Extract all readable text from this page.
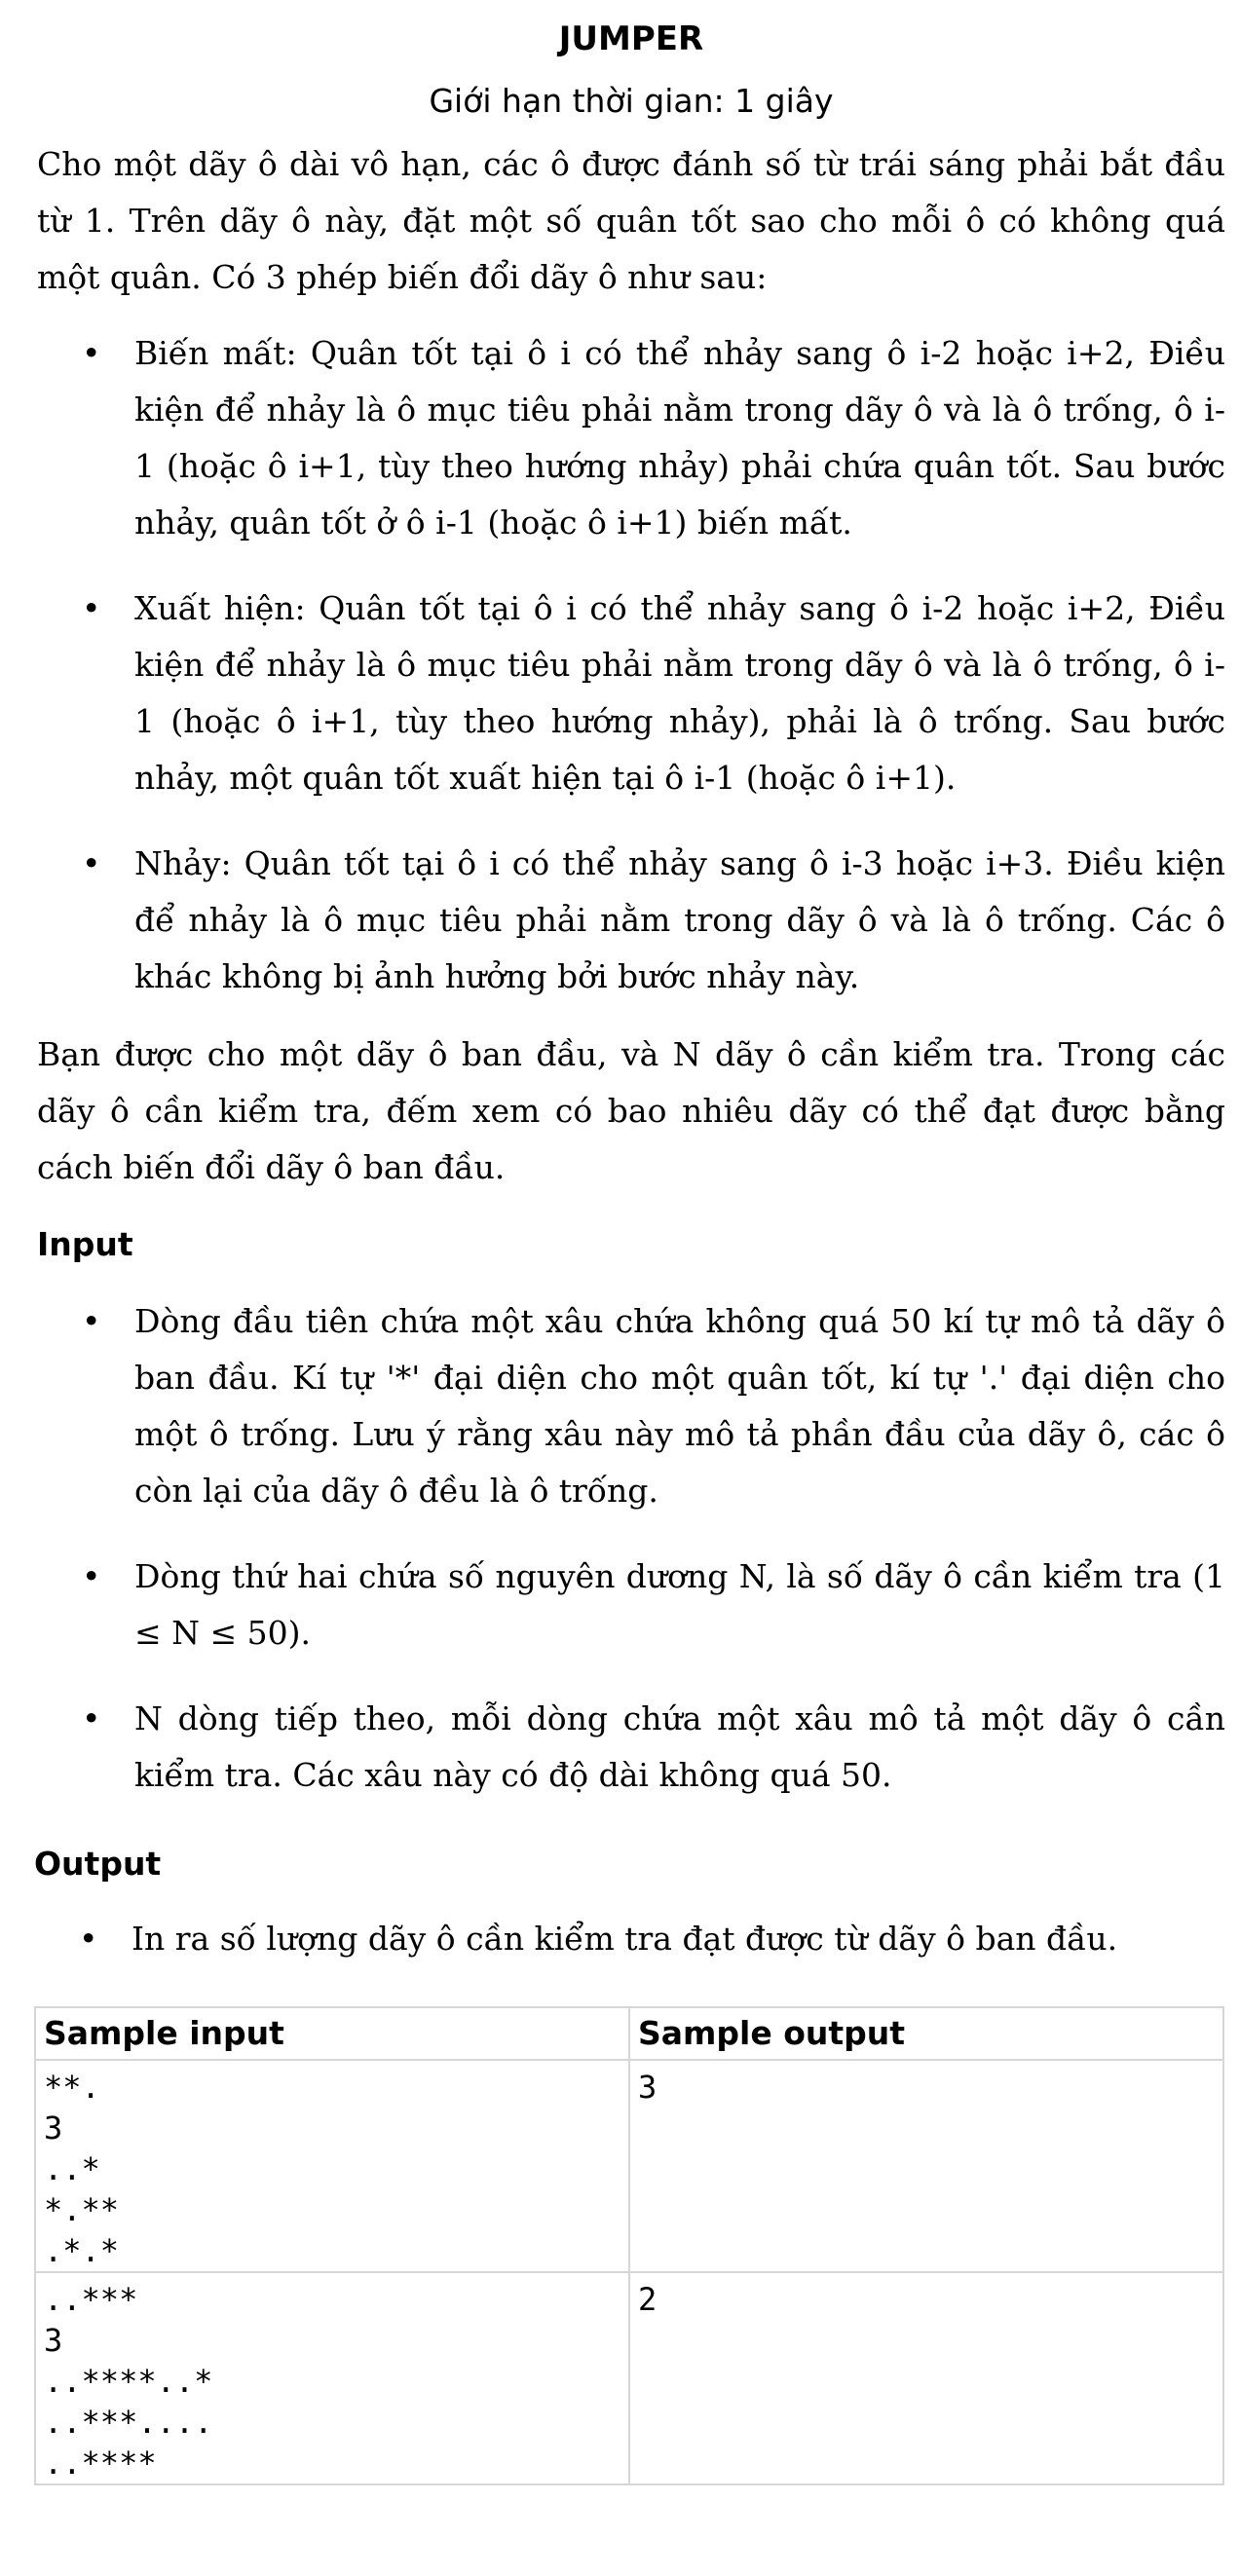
JUMPER
Giới hạn thời gian: 1 giây

Cho một dãy ô dài vô hạn, các ô được đánh số từ trái sáng phải bắt đầu từ 1. Trên dãy ô này, đặt một số quân tốt sao cho mỗi ô có không quá một quân. Có 3 phép biến đổi dãy ô như sau:

• Biến mất: Quân tốt tại ô i có thể nhảy sang ô i-2 hoặc i+2, Điều kiện để nhảy là ô mục tiêu phải nằm trong dãy ô và là ô trống, ô i-1 (hoặc ô i+1, tùy theo hướng nhảy) phải chứa quân tốt. Sau bước nhảy, quân tốt ở ô i-1 (hoặc ô i+1) biến mất.
• Xuất hiện: Quân tốt tại ô i có thể nhảy sang ô i-2 hoặc i+2, Điều kiện để nhảy là ô mục tiêu phải nằm trong dãy ô và là ô trống, ô i-1 (hoặc ô i+1, tùy theo hướng nhảy), phải là ô trống. Sau bước nhảy, một quân tốt xuất hiện tại ô i-1 (hoặc ô i+1).
• Nhảy: Quân tốt tại ô i có thể nhảy sang ô i-3 hoặc i+3. Điều kiện để nhảy là ô mục tiêu phải nằm trong dãy ô và là ô trống. Các ô khác không bị ảnh hưởng bởi bước nhảy này.

Bạn được cho một dãy ô ban đầu, và N dãy ô cần kiểm tra. Trong các dãy ô cần kiểm tra, đếm xem có bao nhiêu dãy có thể đạt được bằng cách biến đổi dãy ô ban đầu.

Input
• Dòng đầu tiên chứa một xâu chứa không quá 50 kí tự mô tả dãy ô ban đầu. Kí tự '*' đại diện cho một quân tốt, kí tự '.' đại diện cho một ô trống. Lưu ý rằng xâu này mô tả phần đầu của dãy ô, các ô còn lại của dãy ô đều là ô trống.
• Dòng thứ hai chứa số nguyên dương N, là số dãy ô cần kiểm tra (1 ≤ N ≤ 50).
• N dòng tiếp theo, mỗi dòng chứa một xâu mô tả một dãy ô cần kiểm tra. Các xâu này có độ dài không quá 50.
Output
• In ra số lượng dãy ô cần kiểm tra đạt được từ dãy ô ban đầu.
Sample input	Sample output

**.
3
..*
*.**
.*.*	3

..***
3
..****..*
..***....
..****	2
